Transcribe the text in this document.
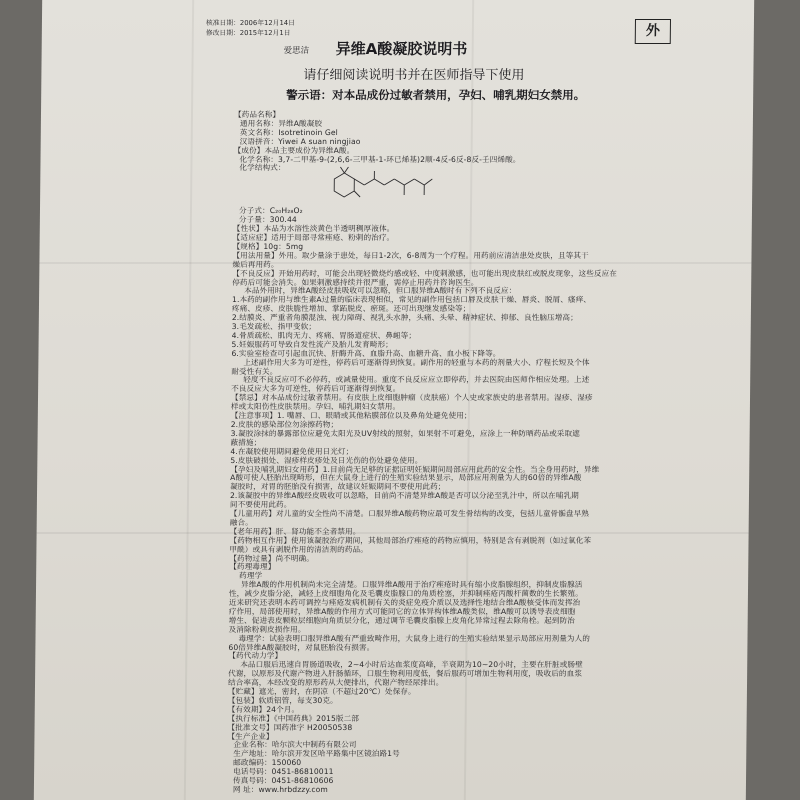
核准日期：2006年12月14日
修改日期：2015年12月1日	外
爱思洁 异维A酸凝胶说明书
请仔细阅读说明书并在医师指导下使用
警示语：对本品成份过敏者禁用，孕妇、哺乳期妇女禁用。
【药品名称】
通用名称：异维A酸凝胶
英文名称：Isotretinoin Gel
汉语拼音：Yiwei A suan ningjiao
【成份】本品主要成份为异维A酸。
化学名称：3,7-二甲基-9-(2,6,6-三甲基-1-环已烯基)2顺-4反-6反-8反-壬四烯酸。
化学结构式：
分子式：C₂₀H₂₈O₂
分子量：300.44
【性状】本品为水溶性淡黄色半透明稠厚液体。
【适应症】适用于局部寻常痤疮、粉刺的治疗。
【规格】10g：5mg
【用法用量】外用。取少量涂于患处，每日1-2次，6-8周为一个疗程。用药前应清洁患处皮肤，且等其干
燥后再用药。
【不良反应】开始用药时，可能会出现轻微烧灼感或轻、中度刺激感，也可能出现皮肤红或脱皮现象，这些反应在
停药后可能会消失。如果刺激感持续并很严重，需停止用药并咨询医生。
本品外用时，异维A酸经皮肤吸收可以忽略，但口服异维A酸时有下列不良反应：
1.本药的副作用与维生素A过量的临床表现相似，常见的副作用包括口唇及皮肤干燥、唇炎、脱屑、瘙痒、
疼痛、皮疹、皮肤脆性增加、掌跖脱皮、瘀斑。还可出现继发感染等；
2.结膜炎、严重者角膜混浊、视力障碍、视乳头水肿，头痛、头晕、精神症状、抑郁、良性脑压增高；
3.毛发疏松、指甲变软；
4.骨质疏松、肌肉无力、疼痛、胃肠道症状、鼻衄等；
5.妊娠服药可导致自发性流产及胎儿发育畸形；
6.实验室检查可引起血沉快、肝酶升高、血脂升高、血糖升高、血小板下降等。
上述副作用大多为可逆性，停药后可逐渐得到恢复。副作用的轻重与本药的剂量大小、疗程长短及个体
耐受性有关。
轻度不良反应可不必停药，或减量使用。重度不良反应应立即停药，并去医院由医师作相应处理。上述
不良反应大多为可逆性，停药后可逐渐得到恢复。
【禁忌】对本品成份过敏者禁用。有皮肤上皮细胞肿瘤（皮肤癌）个人史或家族史的患者禁用。湿疹、湿疹
样或太阳伤性皮肤禁用。孕妇、哺乳期妇女禁用。
【注意事项】1. 嘴唇、口、眼睛或其他粘膜部位以及鼻角处避免使用；
2.皮肤的感染部位勿涂擦药物；
3.凝胶涂抹的暴露部位应避免太阳光及UV射线的照射，如果射不可避免，应涂上一种防晒药品或采取遮
蔽措施；
4.在凝胶使用期间避免使用日光灯；
5.皮肤破损处、湿疹样皮疹处及日光伤的伤处避免使用。
【孕妇及哺乳期妇女用药】1.目前尚无足够的证据证明妊娠期间局部应用此药的安全性。当全身用药时，异维
A酸可使人胚胎出现畸形，但在大鼠身上进行的生殖实验结果显示，局部应用剂量为人的60倍的异维A酸
凝胶时，对胃的胚胎没有损害，故建议妊娠期间不要使用此药；
2.该凝胶中的异维A酸经皮吸收可以忽略，目前尚不清楚异维A酸是否可以分泌至乳汁中，所以在哺乳期
间不要使用此药。
【儿童用药】对儿童的安全性尚不清楚。口服异维A酸药物应最可发生骨结构的改变，包括儿童骨骺盘早熟
融合。
【老年用药】肝、肾功能不全者禁用。
【药物相互作用】使用该凝胶治疗期间，其他局部治疗痤疮的药物应慎用，特别是含有剥脱剂（如过氧化苯
甲酰）或具有剥脱作用的清洁剂的药品。
【药物过量】尚不明确。
【药理毒理】
药理学
异维A酸的作用机制尚未完全清楚。口服异维A酸用于治疗痤疮时具有缩小皮脂腺组织，抑制皮脂腺活
性，减少皮脂分泌，减轻上皮细胞角化及毛囊皮脂腺口的角质栓塞，并抑制痤疮丙酸杆菌数的生长繁殖。
近来研究还表明本药可调控与痤疮发病机制有关的炎症免疫介质以及选择性地结合维A酸核受体而发挥治
疗作用，局部使用时，异维A酸的作用方式可能同它的立体异构体维A酸类似，维A酸可以诱导表皮细胞
增生、促进表皮颗粒层细胞向角质层分化，通过调节毛囊皮脂腺上皮角化异常过程去除角栓。起到防治
及消除粉刺皮损作用。
毒理学：试验表明口服异维A酸有严重致畸作用，大鼠身上进行的生殖实验结果显示局部应用剂量为人的
60倍异维A酸凝胶时，对鼠胚胎没有损害。
【药代动力学】
本品口服后迅速自胃肠道吸收，2~4小时后达血浆度高峰，半衰期为10~20小时，主要在肝脏或肠壁
代谢，以原形及代谢产物进入肝肠循环，口服生物利用度低，餐后服药可增加生物利用度，吸收后的血浆
结合率高，本经改变的原形药从大便排出，代谢产物经尿排出。
【贮藏】遮光，密封，在阴凉（不超过20℃）处保存。
【包装】软质铝管，每支30克。
【有效期】24个月。
【执行标准】《中国药典》2015版二部
【批准文号】国药准字 H20050538
【生产企业】
企业名称：哈尔滨大中制药有限公司
生产地址：哈尔滨开发区哈平路集中区镜泊路1号
邮政编码：150060
电话号码：0451-86810011
传真号码：0451-86810606
网 址：www.hrbdzzy.com
